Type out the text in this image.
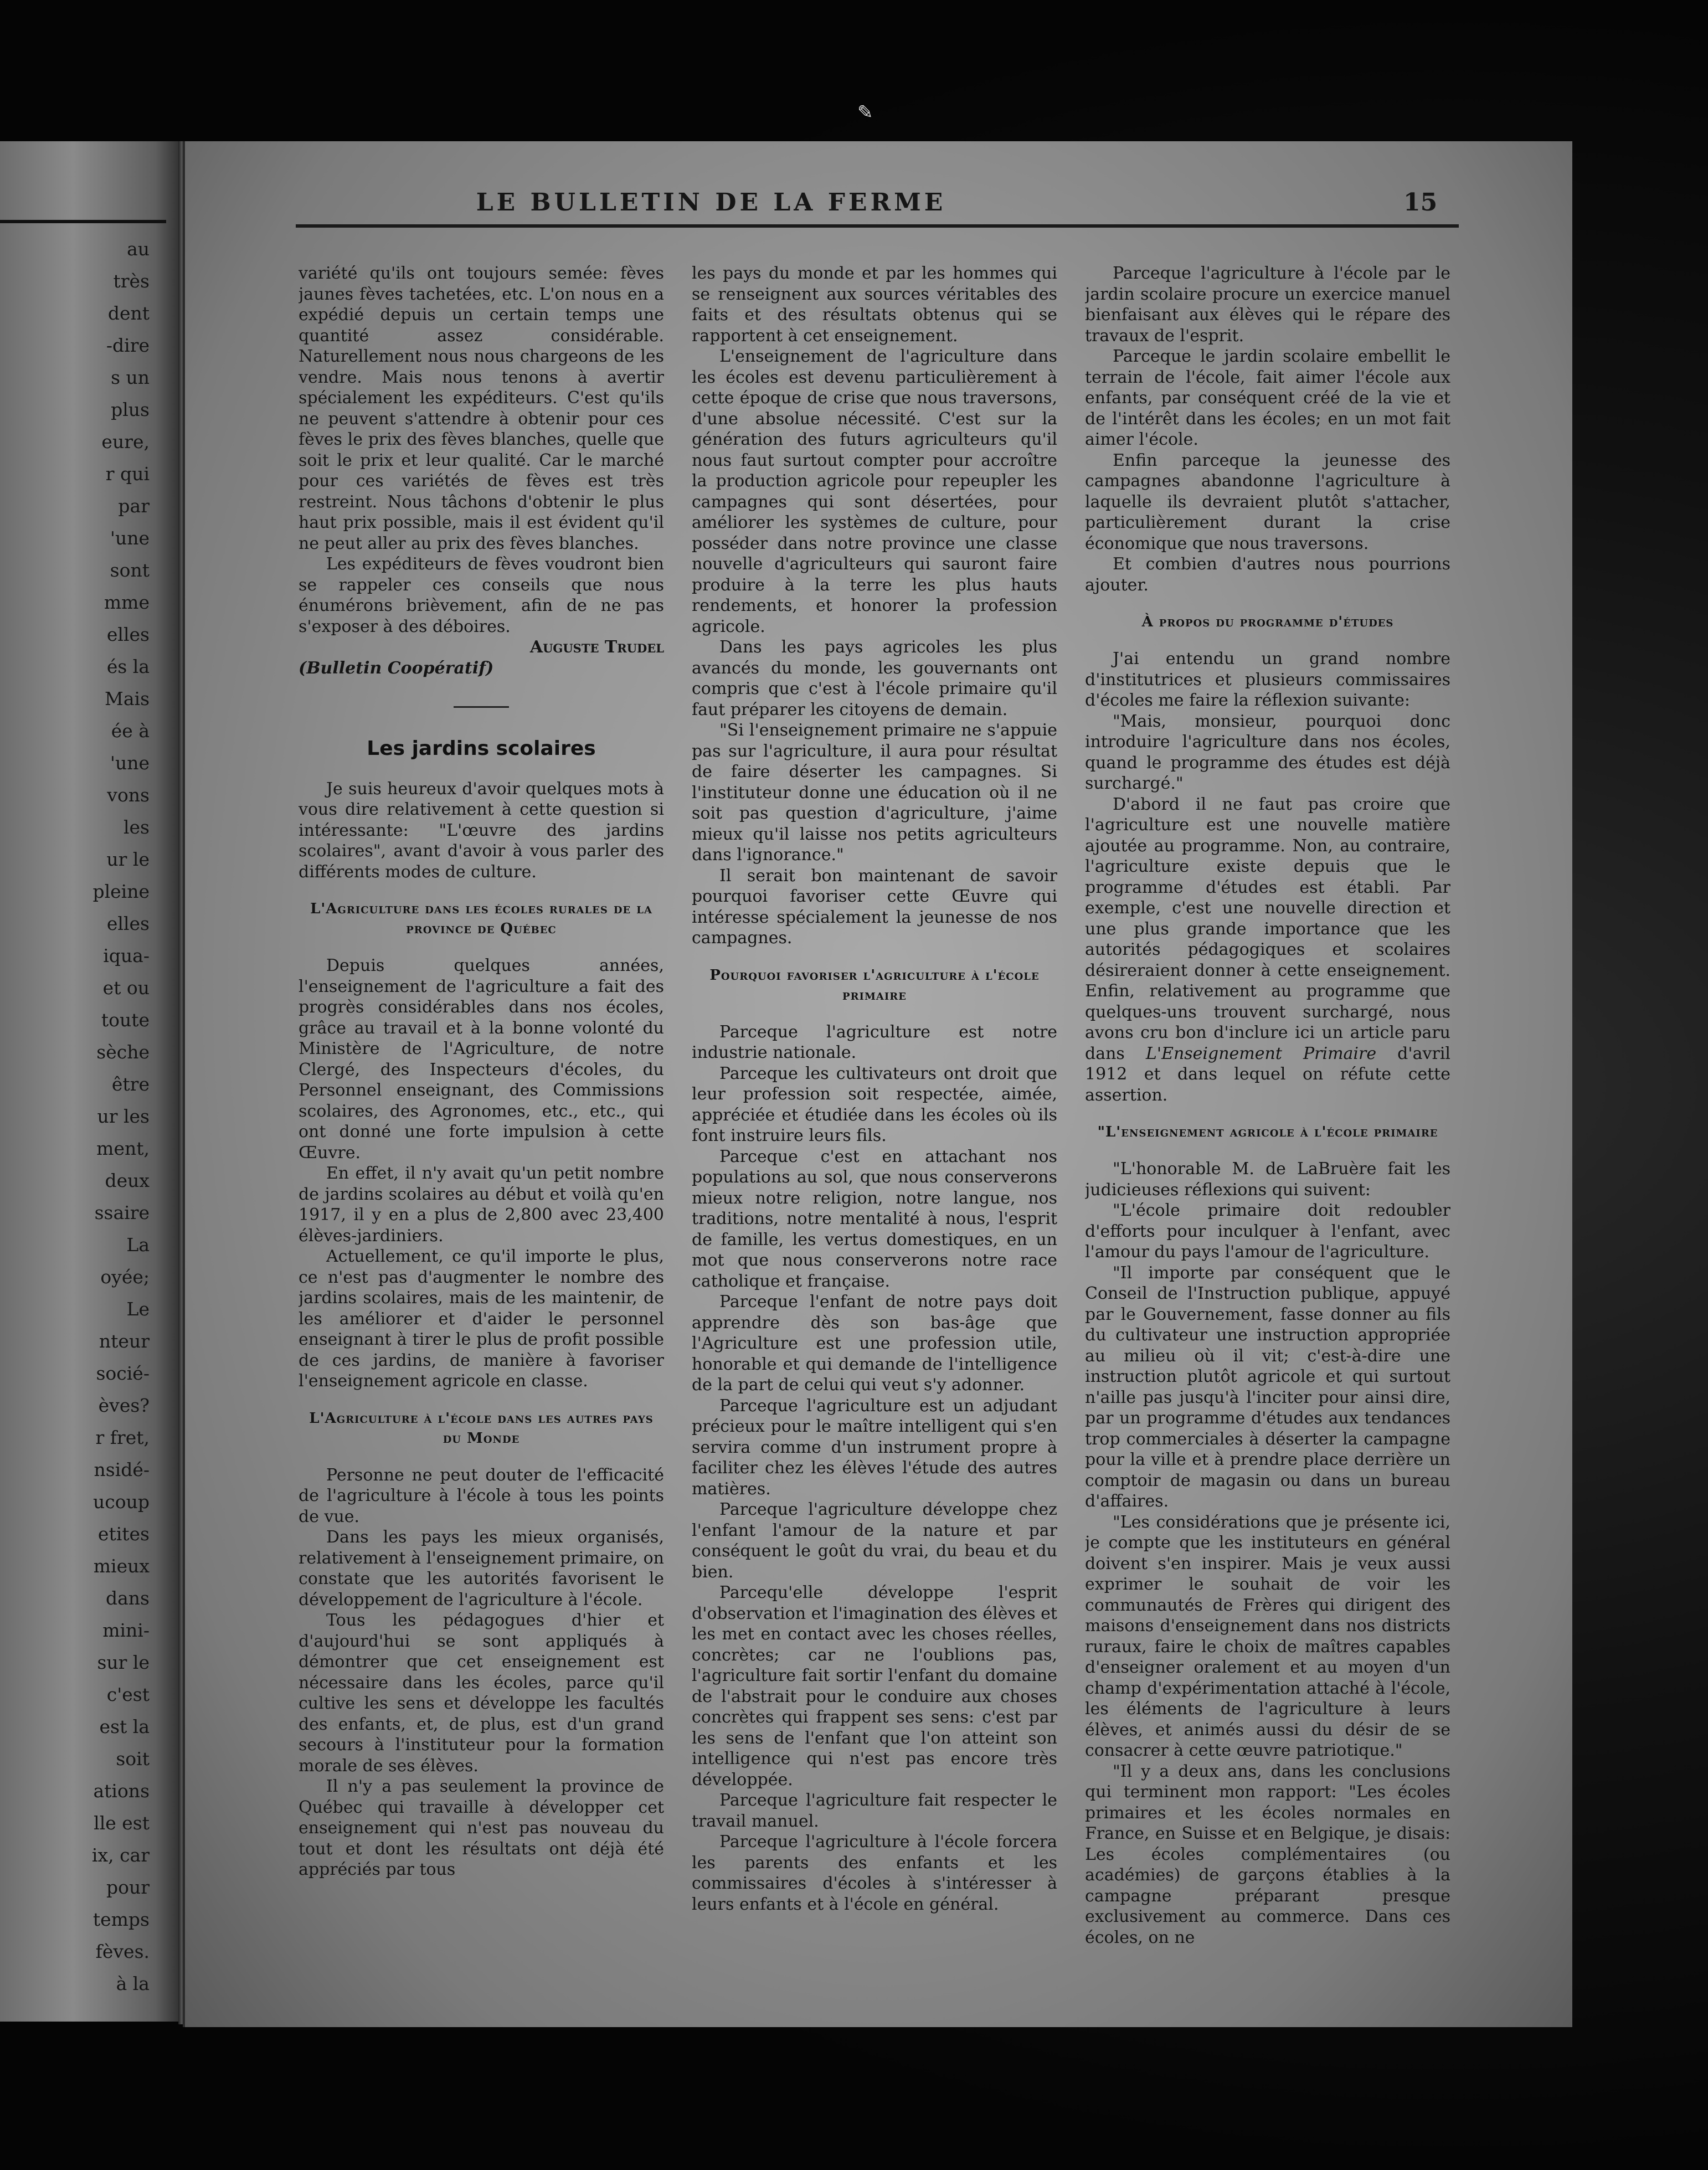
✎

au

très

dent

-dire

s un

plus

eure,

r qui

par

'une

sont

mme

elles

és la

Mais

ée à

'une

vons

les

ur le

pleine

elles

iqua-

et ou

toute

sèche

être

ur les

ment,

deux

ssaire

La

oyée;

Le

nteur

socié-

èves?

r fret,

nsidé-

ucoup

etites

mieux

dans

mini-

sur le

c'est

est la

soit

ations

lle est

ix, car

pour

temps

fèves.

à la

LE BULLETIN DE LA FERME	15

variété qu'ils ont toujours semée: fèves jaunes fèves tachetées, etc. L'on nous en a expédié depuis un certain temps une quantité assez considérable. Naturellement nous nous chargeons de les vendre. Mais nous tenons à avertir spécialement les expéditeurs. C'est qu'ils ne peuvent s'attendre à obtenir pour ces fèves le prix des fèves blanches, quelle que soit le prix et leur qualité. Car le marché pour ces variétés de fèves est très restreint. Nous tâchons d'obtenir le plus haut prix possible, mais il est évident qu'il ne peut aller au prix des fèves blanches.

Les expéditeurs de fèves voudront bien se rappeler ces conseils que nous énumérons brièvement, afin de ne pas s'exposer à des déboires.

Auguste Trudel

(Bulletin Coopératif)

Les jardins scolaires

Je suis heureux d'avoir quelques mots à vous dire relativement à cette question si intéressante: "L'œuvre des jardins scolaires", avant d'avoir à vous parler des différents modes de culture.

L'Agriculture dans les écoles rurales de la province de Québec

Depuis quelques années, l'enseignement de l'agriculture a fait des progrès considérables dans nos écoles, grâce au travail et à la bonne volonté du Ministère de l'Agriculture, de notre Clergé, des Inspecteurs d'écoles, du Personnel enseignant, des Commissions scolaires, des Agronomes, etc., etc., qui ont donné une forte impulsion à cette Œuvre.

En effet, il n'y avait qu'un petit nombre de jardins scolaires au début et voilà qu'en 1917, il y en a plus de 2,800 avec 23,400 élèves-jardiniers.

Actuellement, ce qu'il importe le plus, ce n'est pas d'augmenter le nombre des jardins scolaires, mais de les maintenir, de les améliorer et d'aider le personnel enseignant à tirer le plus de profit possible de ces jardins, de manière à favoriser l'enseignement agricole en classe.

L'Agriculture à l'école dans les autres pays du Monde

Personne ne peut douter de l'efficacité de l'agriculture à l'école à tous les points de vue.

Dans les pays les mieux organisés, relativement à l'enseignement primaire, on constate que les autorités favorisent le développement de l'agriculture à l'école.

Tous les pédagogues d'hier et d'aujourd'hui se sont appliqués à démontrer que cet enseignement est nécessaire dans les écoles, parce qu'il cultive les sens et développe les facultés des enfants, et, de plus, est d'un grand secours à l'instituteur pour la formation morale de ses élèves.

Il n'y a pas seulement la province de Québec qui travaille à développer cet enseignement qui n'est pas nouveau du tout et dont les résultats ont déjà été appréciés par tous

les pays du monde et par les hommes qui se renseignent aux sources véritables des faits et des résultats obtenus qui se rapportent à cet enseignement.

L'enseignement de l'agriculture dans les écoles est devenu particulièrement à cette époque de crise que nous traversons, d'une absolue nécessité. C'est sur la génération des futurs agriculteurs qu'il nous faut surtout compter pour accroître la production agricole pour repeupler les campagnes qui sont désertées, pour améliorer les systèmes de culture, pour posséder dans notre province une classe nouvelle d'agriculteurs qui sauront faire produire à la terre les plus hauts rendements, et honorer la profession agricole.

Dans les pays agricoles les plus avancés du monde, les gouvernants ont compris que c'est à l'école primaire qu'il faut préparer les citoyens de demain.

"Si l'enseignement primaire ne s'appuie pas sur l'agriculture, il aura pour résultat de faire déserter les campagnes. Si l'instituteur donne une éducation où il ne soit pas question d'agriculture, j'aime mieux qu'il laisse nos petits agriculteurs dans l'ignorance."

Il serait bon maintenant de savoir pourquoi favoriser cette Œuvre qui intéresse spécialement la jeunesse de nos campagnes.

Pourquoi favoriser l'agriculture à l'école primaire

Parceque l'agriculture est notre industrie nationale.

Parceque les cultivateurs ont droit que leur profession soit respectée, aimée, appréciée et étudiée dans les écoles où ils font instruire leurs fils.

Parceque c'est en attachant nos populations au sol, que nous conserverons mieux notre religion, notre langue, nos traditions, notre mentalité à nous, l'esprit de famille, les vertus domestiques, en un mot que nous conserverons notre race catholique et française.

Parceque l'enfant de notre pays doit apprendre dès son bas-âge que l'Agriculture est une profession utile, honorable et qui demande de l'intelligence de la part de celui qui veut s'y adonner.

Parceque l'agriculture est un adjudant précieux pour le maître intelligent qui s'en servira comme d'un instrument propre à faciliter chez les élèves l'étude des autres matières.

Parceque l'agriculture développe chez l'enfant l'amour de la nature et par conséquent le goût du vrai, du beau et du bien.

Parcequ'elle développe l'esprit d'observation et l'imagination des élèves et les met en contact avec les choses réelles, concrètes; car ne l'oublions pas, l'agriculture fait sortir l'enfant du domaine de l'abstrait pour le conduire aux choses concrètes qui frappent ses sens: c'est par les sens de l'enfant que l'on atteint son intelligence qui n'est pas encore très développée.

Parceque l'agriculture fait respecter le travail manuel.

Parceque l'agriculture à l'école forcera les parents des enfants et les commissaires d'écoles à s'intéresser à leurs enfants et à l'école en général.

Parceque l'agriculture à l'école par le jardin scolaire procure un exercice manuel bienfaisant aux élèves qui le répare des travaux de l'esprit.

Parceque le jardin scolaire embellit le terrain de l'école, fait aimer l'école aux enfants, par conséquent créé de la vie et de l'intérêt dans les écoles; en un mot fait aimer l'école.

Enfin parceque la jeunesse des campagnes abandonne l'agriculture à laquelle ils devraient plutôt s'attacher, particulièrement durant la crise économique que nous traversons.

Et combien d'autres nous pourrions ajouter.

À propos du programme d'études

J'ai entendu un grand nombre d'institutrices et plusieurs commissaires d'écoles me faire la réflexion suivante:

"Mais, monsieur, pourquoi donc introduire l'agriculture dans nos écoles, quand le programme des études est déjà surchargé."

D'abord il ne faut pas croire que l'agriculture est une nouvelle matière ajoutée au programme. Non, au contraire, l'agriculture existe depuis que le programme d'études est établi. Par exemple, c'est une nouvelle direction et une plus grande importance que les autorités pédagogiques et scolaires désireraient donner à cette enseignement. Enfin, relativement au programme que quelques-uns trouvent surchargé, nous avons cru bon d'inclure ici un article paru dans L'Enseignement Primaire d'avril 1912 et dans lequel on réfute cette assertion.

"L'enseignement agricole à l'école primaire

"L'honorable M. de LaBruère fait les judicieuses réflexions qui suivent:

"L'école primaire doit redoubler d'efforts pour inculquer à l'enfant, avec l'amour du pays l'amour de l'agriculture.

"Il importe par conséquent que le Conseil de l'Instruction publique, appuyé par le Gouvernement, fasse donner au fils du cultivateur une instruction appropriée au milieu où il vit; c'est-à-dire une instruction plutôt agricole et qui surtout n'aille pas jusqu'à l'inciter pour ainsi dire, par un programme d'études aux tendances trop commerciales à déserter la campagne pour la ville et à prendre place derrière un comptoir de magasin ou dans un bureau d'affaires.

"Les considérations que je présente ici, je compte que les instituteurs en général doivent s'en inspirer. Mais je veux aussi exprimer le souhait de voir les communautés de Frères qui dirigent des maisons d'enseignement dans nos districts ruraux, faire le choix de maîtres capables d'enseigner oralement et au moyen d'un champ d'expérimentation attaché à l'école, les éléments de l'agriculture à leurs élèves, et animés aussi du désir de se consacrer à cette œuvre patriotique."

"Il y a deux ans, dans les conclusions qui terminent mon rapport: "Les écoles primaires et les écoles normales en France, en Suisse et en Belgique, je disais: Les écoles complémentaires (ou académies) de garçons établies à la campagne préparant presque exclusivement au commerce. Dans ces écoles, on ne
